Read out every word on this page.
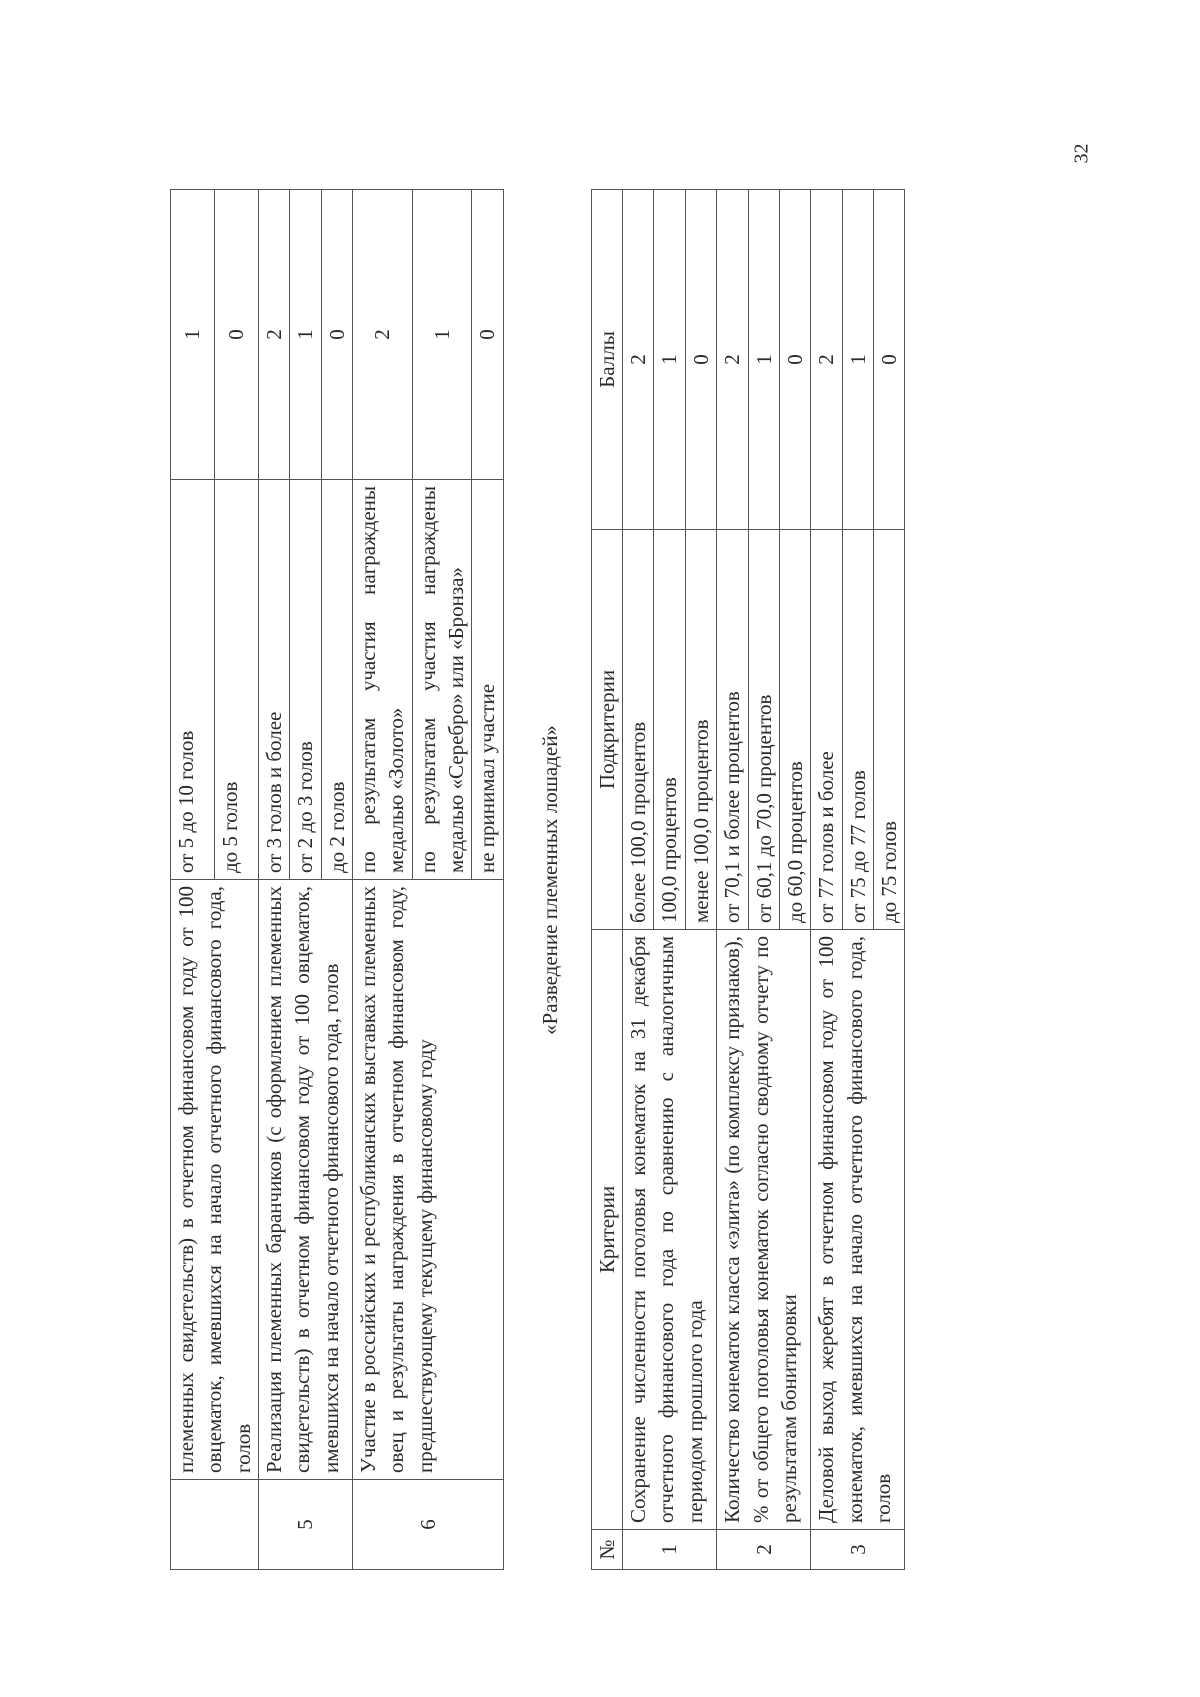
32
	племенных свидетельств) в отчетном финансовом году от 100 овцематок, имевшихся на начало отчетного финансового года, голов	от 5 до 10 голов	1
		до 5 голов	0
5	Реализация племенных баранчиков (с оформлением племенных свидетельств) в отчетном финансовом году от 100 овцематок, имевшихся на начало отчетного финансового года, голов	от 3 голов и более	2
		от 2 до 3 голов	1
		до 2 голов	0
6	Участие в российских и республиканских выставках племенных овец и результаты награждения в отчетном финансовом году, предшествующему текущему финансовому году	по результатам участия награждены медалью «Золото»	2
		по результатам участия награждены медалью «Серебро» или «Бронза»	1
		не принимал участие	0
«Разведение племенных лошадей»
№	Критерии	Подкритерии	Баллы
1	Сохранение численности поголовья конематок на 31 декабря отчетного финансового года по сравнению с аналогичным периодом прошлого года	более 100,0 процентов	2
		100,0 процентов	1
		менее 100,0 процентов	0
2	Количество конематок класса «элита» (по комплексу признаков), % от общего поголовья конематок согласно сводному отчету по результатам бонитировки	от 70,1 и более процентов	2
		от 60,1 до 70,0 процентов	1
		до 60,0 процентов	0
3	Деловой выход жеребят в отчетном финансовом году от 100 конематок, имевшихся на начало отчетного финансового года, голов	от 77 голов и более	2
		от 75 до 77 голов	1
		до 75 голов	0
